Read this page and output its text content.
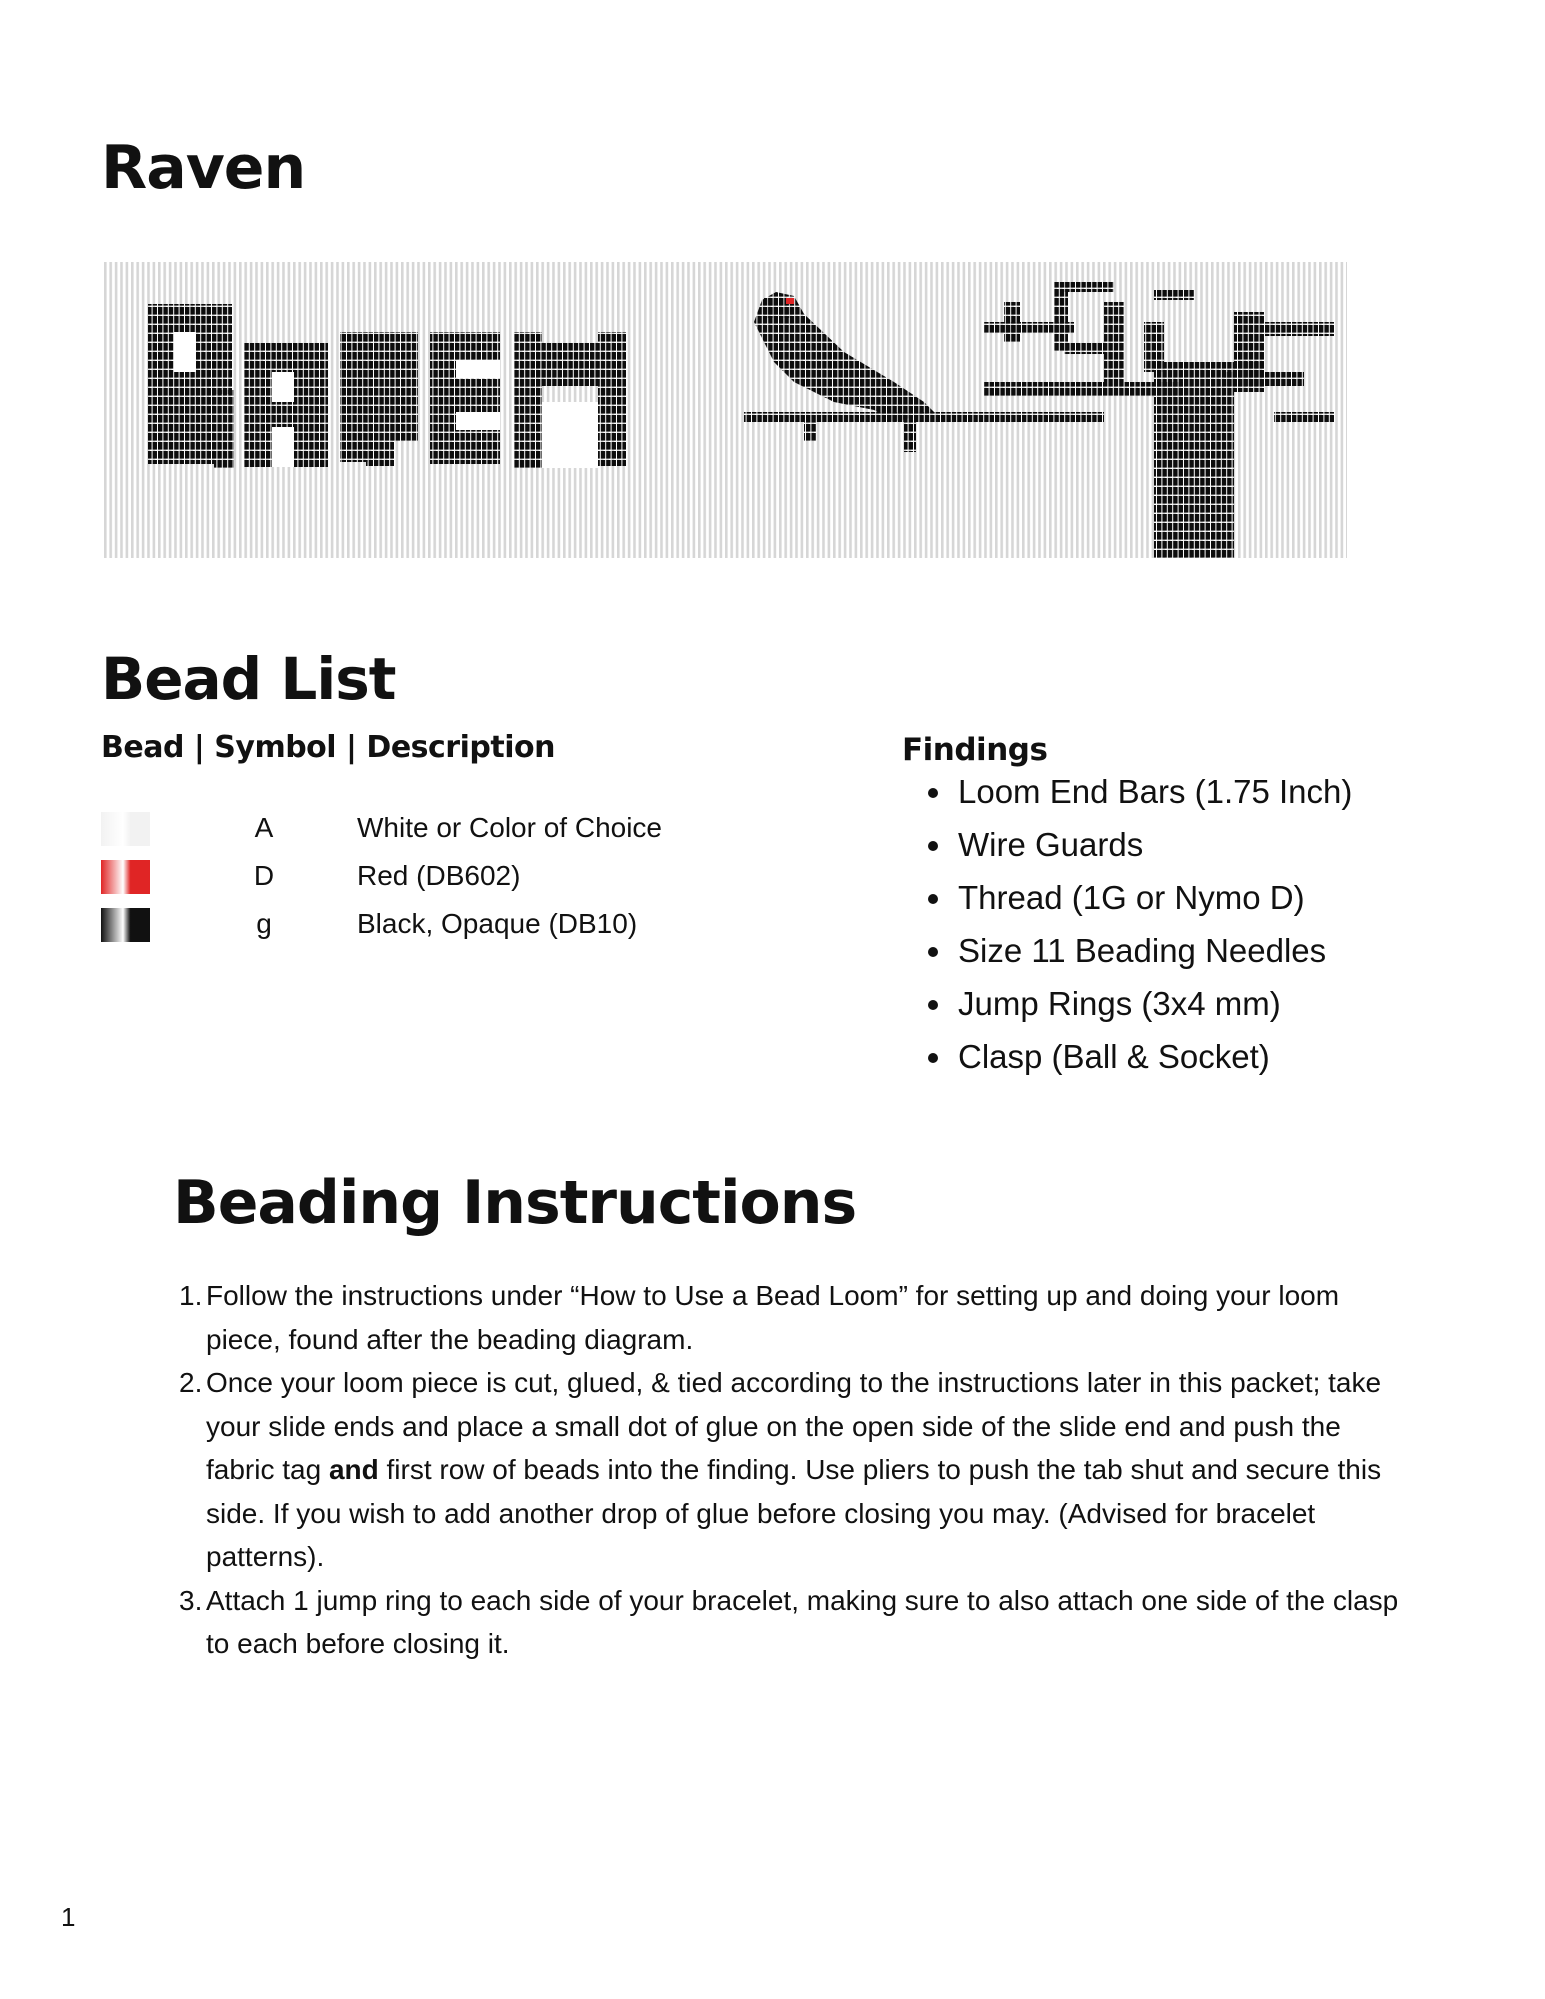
Raven
Bead List
Bead | Symbol | Description
A	White or Color of Choice
D	Red (DB602)
g	Black, Opaque (DB10)
Findings
Loom End Bars (1.75 Inch)
Wire Guards
Thread (1G or Nymo D)
Size 11 Beading Needles
Jump Rings (3x4 mm)
Clasp (Ball & Socket)
Beading Instructions
1. Follow the instructions under “How to Use a Bead Loom” for setting up and doing your loom piece, found after the beading diagram.
2. Once your loom piece is cut, glued, & tied according to the instructions later in this packet; take your slide ends and place a small dot of glue on the open side of the slide end and push the fabric tag and first row of beads into the finding. Use pliers to push the tab shut and secure this side. If you wish to add another drop of glue before closing you may. (Advised for bracelet patterns).
3. Attach 1 jump ring to each side of your bracelet, making sure to also attach one side of the clasp to each before closing it.
1
